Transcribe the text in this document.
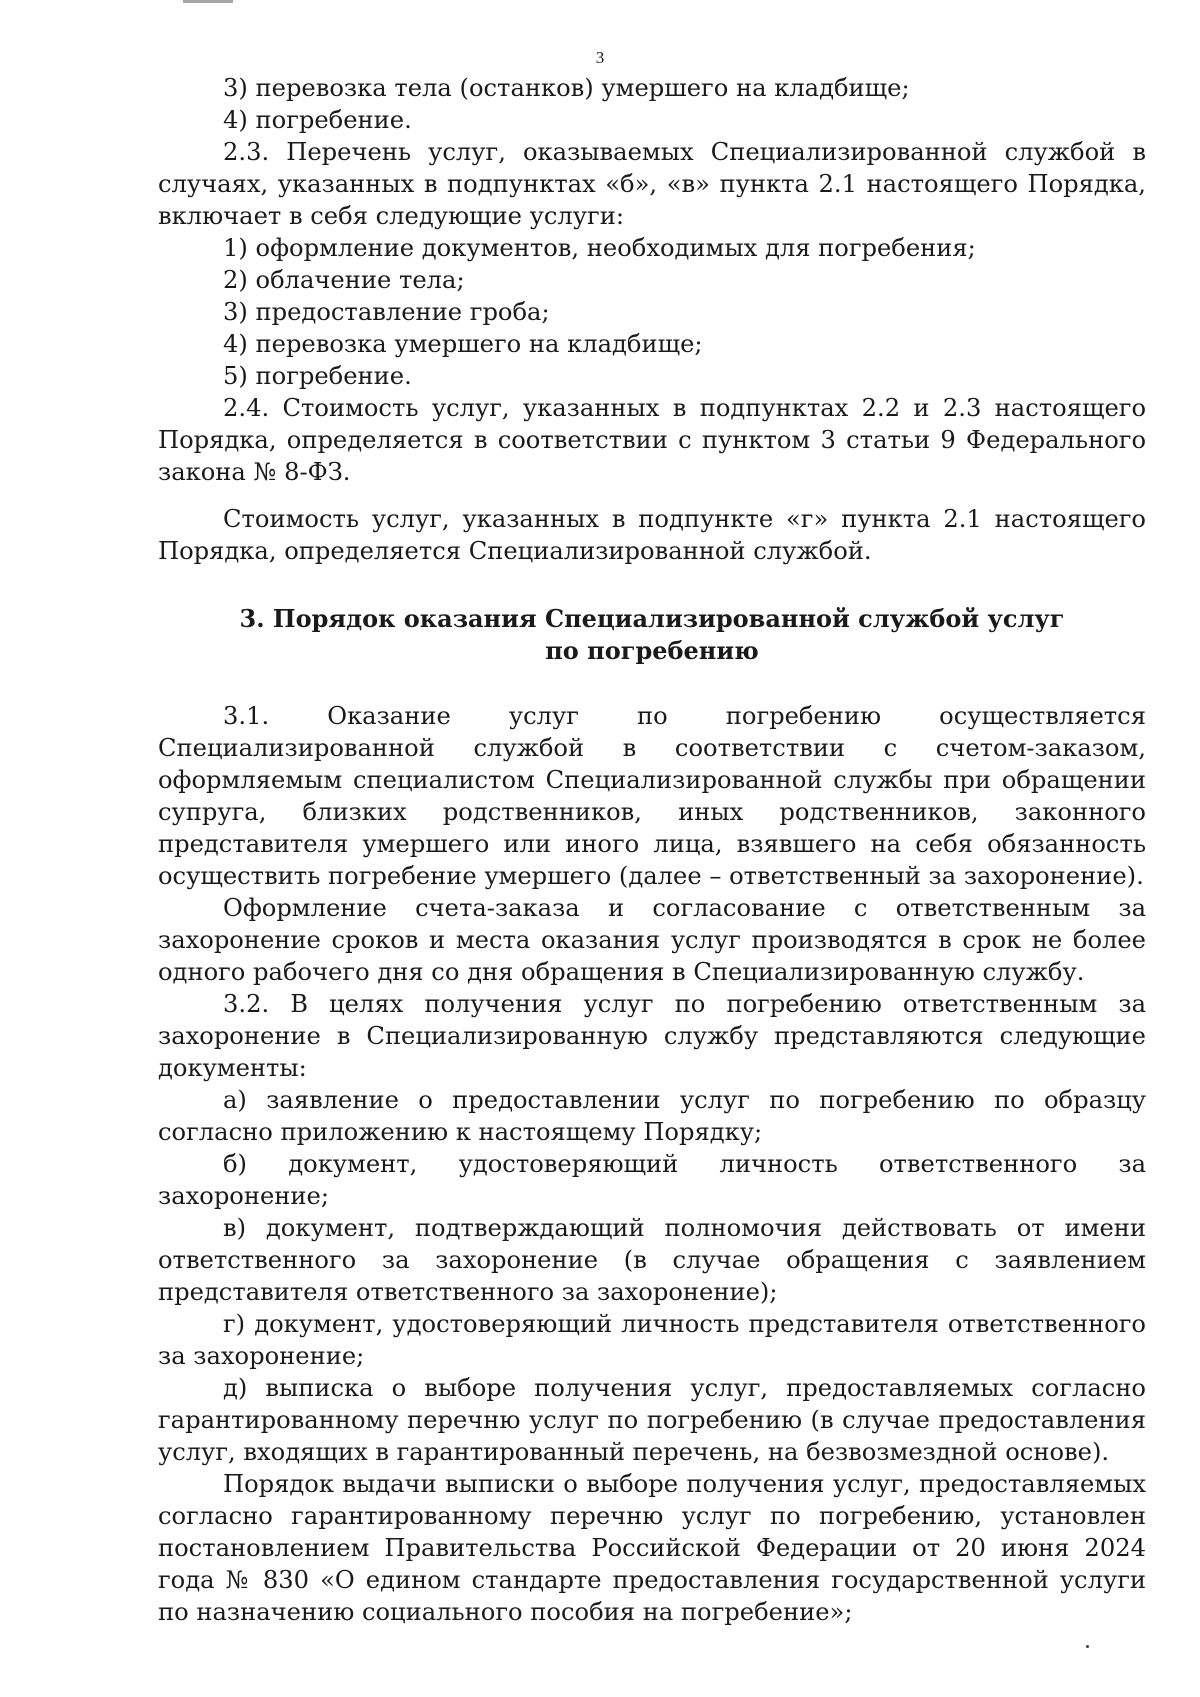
3

3) перевозка тела (останков) умершего на кладбище;

4) погребение.

2.3. Перечень услуг, оказываемых Специализированной службой в случаях, указанных в подпунктах «б», «в» пункта 2.1 настоящего Порядка, включает в себя следующие услуги:

1) оформление документов, необходимых для погребения;

2) облачение тела;

3) предоставление гроба;

4) перевозка умершего на кладбище;

5) погребение.

2.4. Стоимость услуг, указанных в подпунктах 2.2 и 2.3 настоящего Порядка, определяется в соответствии с пунктом 3 статьи 9 Федерального закона № 8-ФЗ.

Стоимость услуг, указанных в подпункте «г» пункта 2.1 настоящего Порядка, определяется Специализированной службой.

3. Порядок оказания Специализированной службой услуг
по погребению

3.1. Оказание услуг по погребению осуществляется Специализированной службой в соответствии с счетом-заказом, оформляемым специалистом Специализированной службы при обращении супруга, близких родственников, иных родственников, законного представителя умершего или иного лица, взявшего на себя обязанность осуществить погребение умершего (далее – ответственный за захоронение).

Оформление счета-заказа и согласование с ответственным за захоронение сроков и места оказания услуг производятся в срок не более одного рабочего дня со дня обращения в Специализированную службу.

3.2. В целях получения услуг по погребению ответственным за захоронение в Специализированную службу представляются следующие документы:

а) заявление о предоставлении услуг по погребению по образцу согласно приложению к настоящему Порядку;

б) документ, удостоверяющий личность ответственного за захоронение;

в) документ, подтверждающий полномочия действовать от имени ответственного за захоронение (в случае обращения с заявлением представителя ответственного за захоронение);

г) документ, удостоверяющий личность представителя ответственного за захоронение;

д) выписка о выборе получения услуг, предоставляемых согласно гарантированному перечню услуг по погребению (в случае предоставления услуг, входящих в гарантированный перечень, на безвозмездной основе).

Порядок выдачи выписки о выборе получения услуг, предоставляемых согласно гарантированному перечню услуг по погребению, установлен постановлением Правительства Российской Федерации от 20 июня 2024 года № 830 «О едином стандарте предоставления государственной услуги по назначению социального пособия на погребение»;
